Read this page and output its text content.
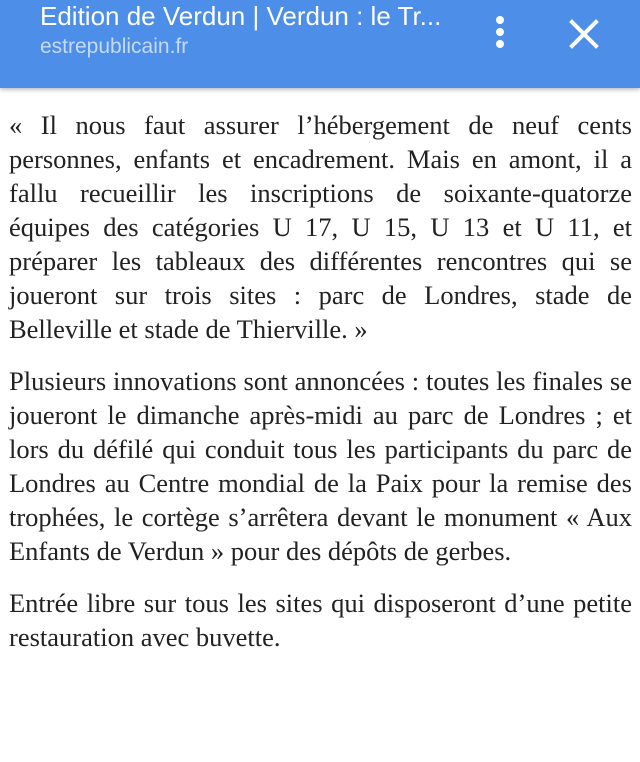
Edition de Verdun | Verdun : le Tr...
estrepublicain.fr

« Il nous faut assurer l’hébergement de neuf cents personnes, enfants et encadrement. Mais en amont, il a fallu recueillir les inscriptions de soixante-quatorze équipes des catégories U 17, U 15, U 13 et U 11, et préparer les tableaux des différentes rencontres qui se joueront sur trois sites : parc de Londres, stade de Belleville et stade de Thierville. »

Plusieurs innovations sont annoncées : toutes les finales se joueront le dimanche après-midi au parc de Londres ; et lors du défilé qui conduit tous les participants du parc de Londres au Centre mondial de la Paix pour la remise des trophées, le cortège s’arrêtera devant le monument « Aux Enfants de Verdun » pour des dépôts de gerbes.

Entrée libre sur tous les sites qui disposeront d’une petite restauration avec buvette.
